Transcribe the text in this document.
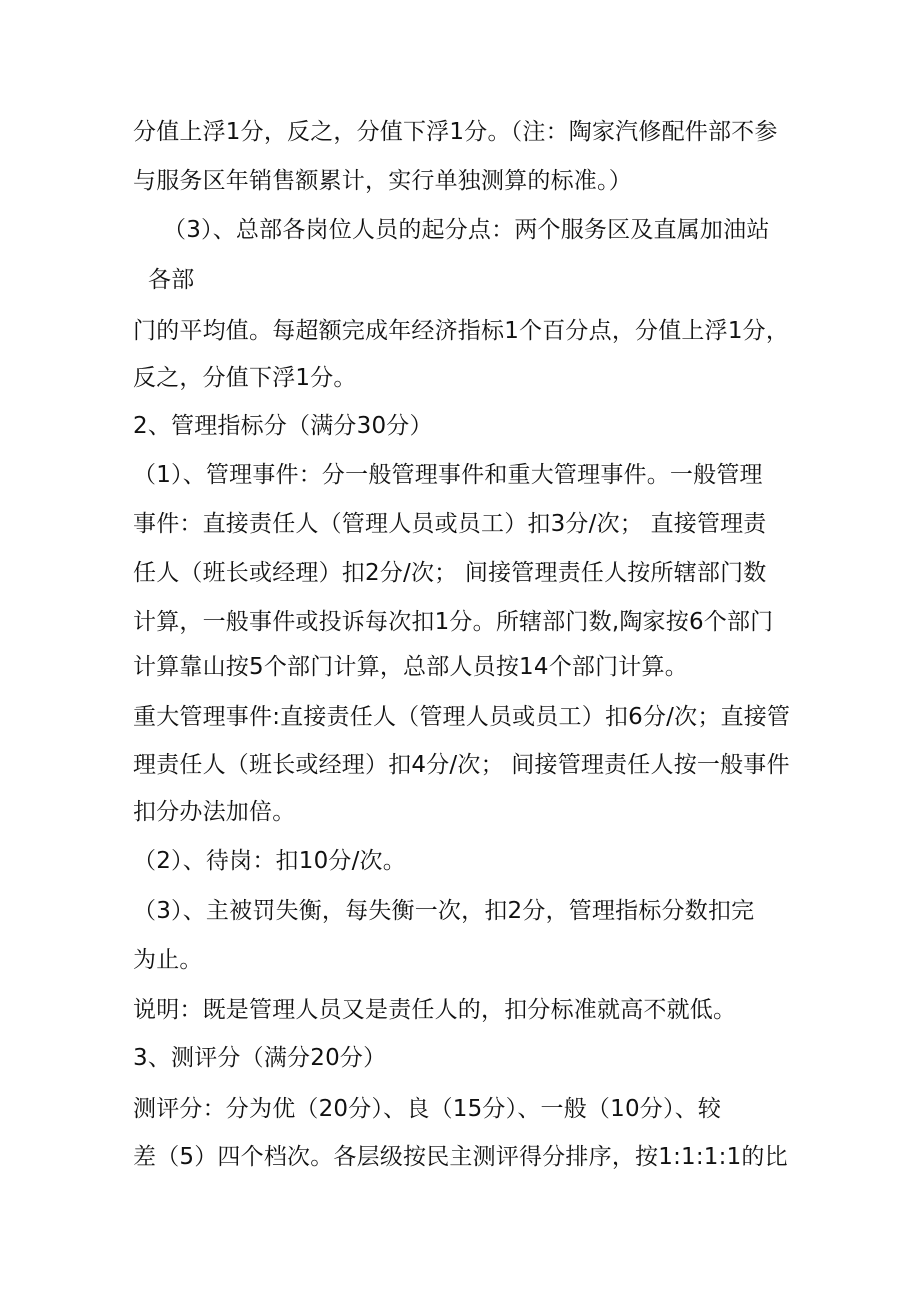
分值上浮1分，反之，分值下浮1分。（注：陶家汽修配件部不参
与服务区年销售额累计，实行单独测算的标准。）
（3）、总部各岗位人员的起分点：两个服务区及直属加油站
各部
门的平均值。每超额完成年经济指标1个百分点，分值上浮1分，
反之，分值下浮1分。
2、管理指标分（满分30分）
（1）、管理事件：分一般管理事件和重大管理事件。一般管理
事件：直接责任人（管理人员或员工）扣3分/次； 直接管理责
任人（班长或经理）扣2分/次； 间接管理责任人按所辖部门数
计算，一般事件或投诉每次扣1分。所辖部门数,陶家按6个部门
计算靠山按5个部门计算，总部人员按14个部门计算。
重大管理事件:直接责任人（管理人员或员工）扣6分/次；直接管
理责任人（班长或经理）扣4分/次； 间接管理责任人按一般事件
扣分办法加倍。
（2）、待岗：扣10分/次。
（3）、主被罚失衡，每失衡一次，扣2分，管理指标分数扣完
为止。
说明：既是管理人员又是责任人的，扣分标准就高不就低。
3、测评分（满分20分）
测评分：分为优（20分）、良（15分）、一般（10分）、较
差（5）四个档次。各层级按民主测评得分排序，按1:1:1:1的比
